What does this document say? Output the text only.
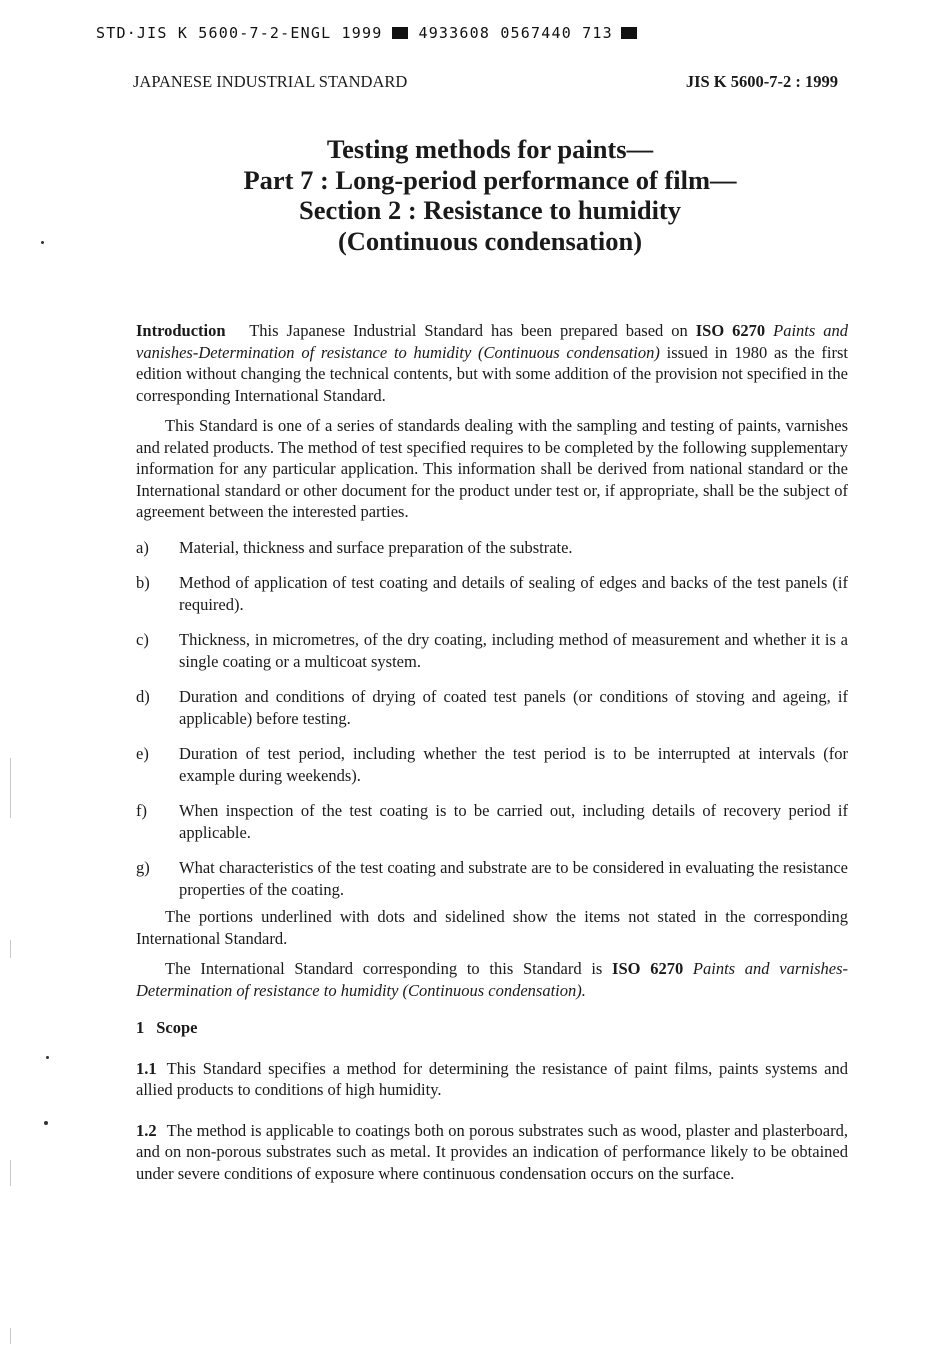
STD·JIS K 5600-7-2-ENGL 1999 4933608 0567440 713
JAPANESE INDUSTRIAL STANDARD	JIS K 5600-7-2 : 1999
Testing methods for paints—
Part 7 : Long-period performance of film—
Section 2 : Resistance to humidity
(Continuous condensation)

Introduction This Japanese Industrial Standard has been prepared based on ISO 6270 Paints and vanishes-Determination of resistance to humidity (Continuous condensation) issued in 1980 as the first edition without changing the technical contents, but with some addition of the provision not specified in the corresponding International Standard.

This Standard is one of a series of standards dealing with the sampling and testing of paints, varnishes and related products. The method of test specified requires to be completed by the following supplementary information for any particular application. This information shall be derived from national standard or the International standard or other document for the product under test or, if appropriate, shall be the subject of agreement between the interested parties.

a) Material, thickness and surface preparation of the substrate.
b) Method of application of test coating and details of sealing of edges and backs of the test panels (if required).
c) Thickness, in micrometres, of the dry coating, including method of measurement and whether it is a single coating or a multicoat system.
d) Duration and conditions of drying of coated test panels (or conditions of stoving and ageing, if applicable) before testing.
e) Duration of test period, including whether the test period is to be interrupted at intervals (for example during weekends).
f) When inspection of the test coating is to be carried out, including details of recovery period if applicable.
g) What characteristics of the test coating and substrate are to be considered in evaluating the resistance properties of the coating.

The portions underlined with dots and sidelined show the items not stated in the corresponding International Standard.

The International Standard corresponding to this Standard is ISO 6270 Paints and varnishes-Determination of resistance to humidity (Continuous condensation).

1 Scope

1.1 This Standard specifies a method for determining the resistance of paint films, paints systems and allied products to conditions of high humidity.

1.2 The method is applicable to coatings both on porous substrates such as wood, plaster and plasterboard, and on non-porous substrates such as metal. It provides an indication of performance likely to be obtained under severe conditions of exposure where continuous condensation occurs on the surface.
